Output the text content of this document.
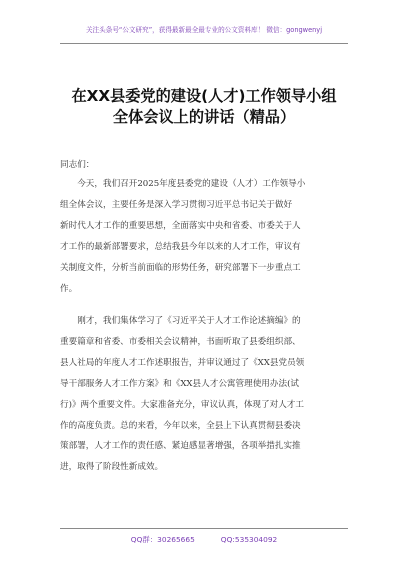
关注头条号“公文研究”，获得最新最全最专业的公文资料库！ 微信：gongwenyj
在XX县委党的建设(人才)工作领导小组
全体会议上的讲话（精品）
同志们：
今天，我们召开2025年度县委党的建设（人才）工作领导小
组全体会议，主要任务是深入学习贯彻习近平总书记关于做好
新时代人才工作的重要思想，全面落实中央和省委、市委关于人
才工作的最新部署要求，总结我县今年以来的人才工作，审议有
关制度文件，分析当前面临的形势任务，研究部署下一步重点工
作。
刚才，我们集体学习了《习近平关于人才工作论述摘编》的
重要篇章和省委、市委相关会议精神，书面听取了县委组织部、
县人社局的年度人才工作述职报告，并审议通过了《XX县党员领
导干部服务人才工作方案》和《XX县人才公寓管理使用办法(试
行)》两个重要文件。大家准备充分，审议认真，体现了对人才工
作的高度负责。总的来看，今年以来，全县上下认真贯彻县委决
策部署，人才工作的责任感、紧迫感显著增强，各项举措扎实推
进，取得了阶段性新成效。
QQ群：30265665	QQ:535304092
